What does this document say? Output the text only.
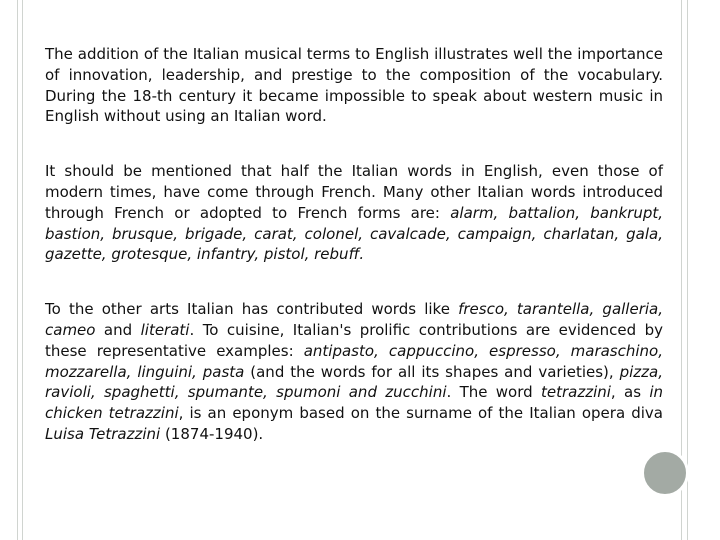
The addition of the Italian musical terms to English illustrates well the importance of innovation, leadership, and prestige to the composition of the vocabulary. During the 18-th century it became impossible to speak about western music in English without using an Italian word.

It should be mentioned that half the Italian words in English, even those of modern times, have come through French. Many other Italian words introduced through French or adopted to French forms are: alarm, battalion, bankrupt, bastion, brusque, brigade, carat, colonel, cavalcade, campaign, charlatan, gala, gazette, grotesque, infantry, pistol, rebuff.

To the other arts Italian has contributed words like fresco, tarantella, galleria, cameo and literati. To cuisine, Italian's prolific contributions are evidenced by these representative examples: antipasto, cappuccino, espresso, maraschino, mozzarella, linguini, pasta (and the words for all its shapes and varieties), pizza, ravioli, spaghetti, spumante, spumoni and zucchini. The word tetrazzini, as in chicken tetrazzini, is an eponym based on the surname of the Italian opera diva Luisa Tetrazzini (1874-1940).
